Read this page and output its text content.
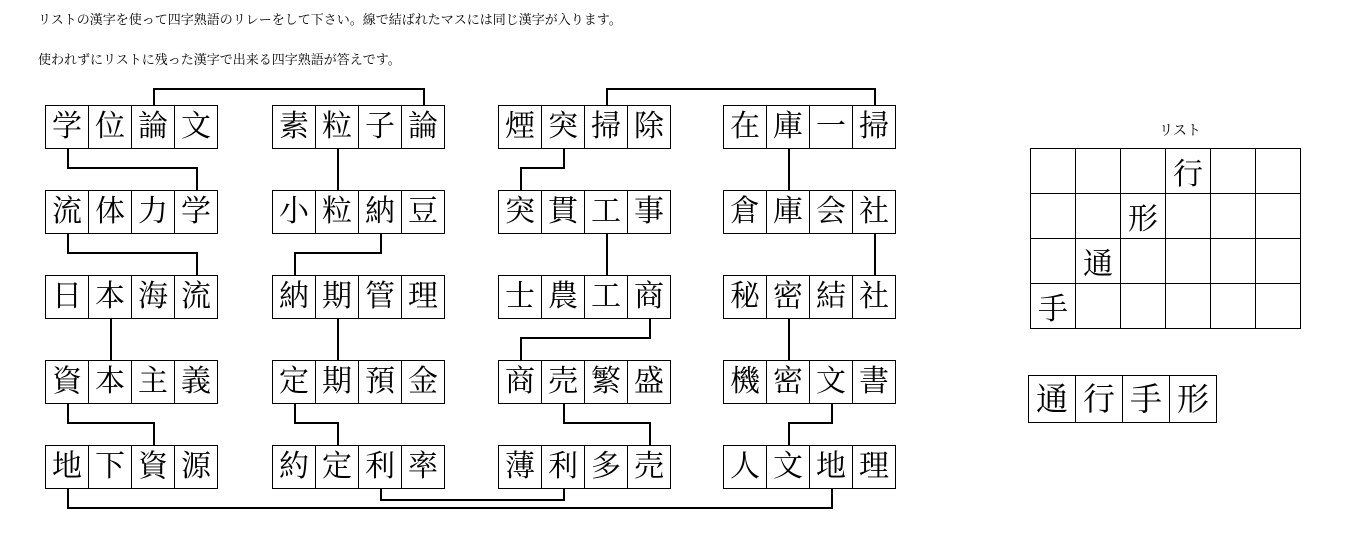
リストの漢字を使って四字熟語のリレーをして下さい。線で結ばれたマスには同じ漢字が入ります。

使われずにリストに残った漢字で出来る四字熟語が答えです。

学 位 論 文
流 体 力 学
日 本 海 流
資 本 主 義
地 下 資 源
素 粒 子 論
小 粒 納 豆
納 期 管 理
定 期 預 金
約 定 利 率
煙 突 掃 除
突 貫 工 事
士 農 工 商
商 売 繁 盛
薄 利 多 売
在 庫 一 掃
倉 庫 会 社
秘 密 結 社
機 密 文 書
人 文 地 理
リスト
			行		
		形			
	通				
手					
通 行 手 形
